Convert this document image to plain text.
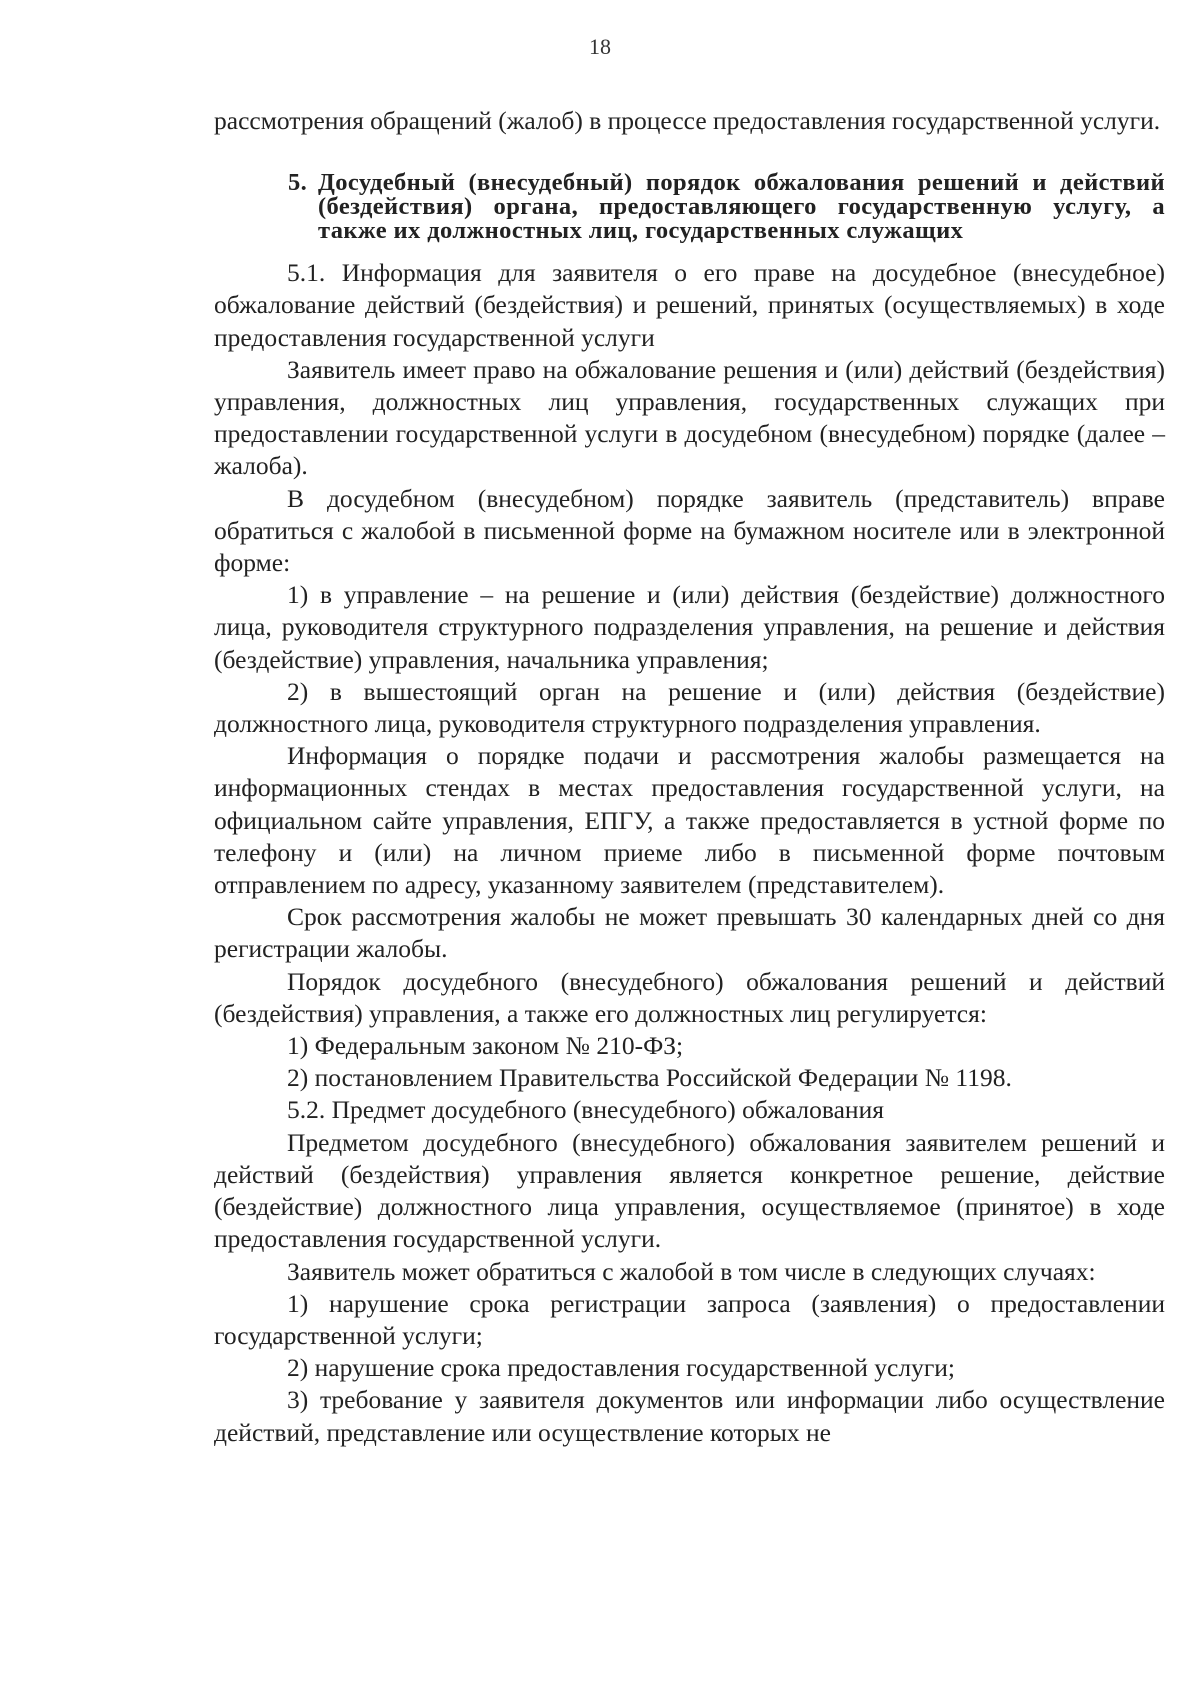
18

рассмотрения обращений (жалоб) в процессе предоставления государственной услуги.

5. Досудебный (внесудебный) порядок обжалования решений и действий (бездействия) органа, предоставляющего государственную услугу, а также их должностных лиц, государственных служащих

5.1. Информация для заявителя о его праве на досудебное (внесудебное) обжалование действий (бездействия) и решений, принятых (осуществляемых) в ходе предоставления государственной услуги

Заявитель имеет право на обжалование решения и (или) действий (бездействия) управления, должностных лиц управления, государственных служащих при предоставлении государственной услуги в досудебном (внесудебном) порядке (далее – жалоба).

В досудебном (внесудебном) порядке заявитель (представитель) вправе обратиться с жалобой в письменной форме на бумажном носителе или в электронной форме:

1) в управление – на решение и (или) действия (бездействие) должностного лица, руководителя структурного подразделения управления, на решение и действия (бездействие) управления, начальника управления;

2) в вышестоящий орган на решение и (или) действия (бездействие) должностного лица, руководителя структурного подразделения управления.

Информация о порядке подачи и рассмотрения жалобы размещается на информационных стендах в местах предоставления государственной услуги, на официальном сайте управления, ЕПГУ, а также предоставляется в устной форме по телефону и (или) на личном приеме либо в письменной форме почтовым отправлением по адресу, указанному заявителем (представителем).

Срок рассмотрения жалобы не может превышать 30 календарных дней со дня регистрации жалобы.

Порядок досудебного (внесудебного) обжалования решений и действий (бездействия) управления, а также его должностных лиц регулируется:

1) Федеральным законом № 210-ФЗ;

2) постановлением Правительства Российской Федерации № 1198.

5.2. Предмет досудебного (внесудебного) обжалования

Предметом досудебного (внесудебного) обжалования заявителем решений и действий (бездействия) управления является конкретное решение, действие (бездействие) должностного лица управления, осуществляемое (принятое) в ходе предоставления государственной услуги.

Заявитель может обратиться с жалобой в том числе в следующих случаях:

1) нарушение срока регистрации запроса (заявления) о предоставлении государственной услуги;

2) нарушение срока предоставления государственной услуги;

3) требование у заявителя документов или информации либо осуществление действий, представление или осуществление которых не
